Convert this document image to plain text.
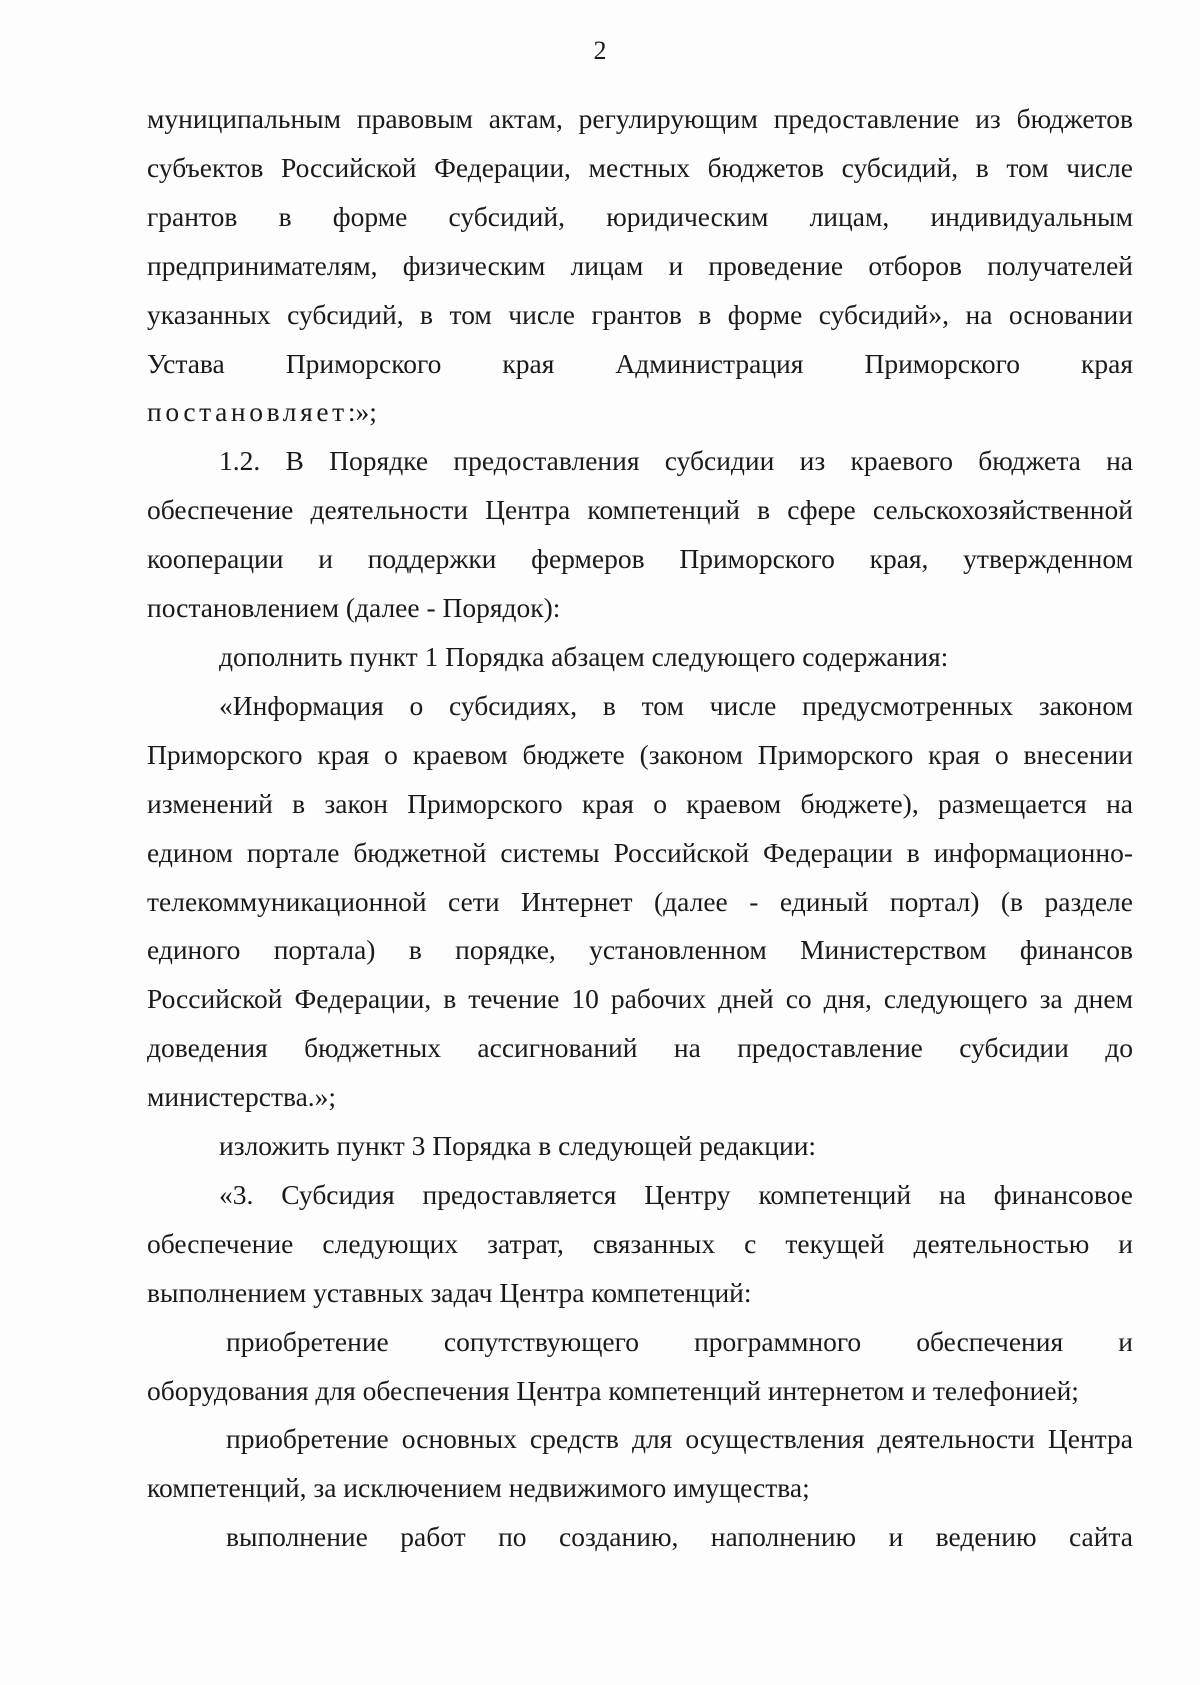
2
муниципальным правовым актам, регулирующим предоставление из бюджетов
субъектов Российской Федерации, местных бюджетов субсидий, в том числе
грантов в форме субсидий, юридическим лицам, индивидуальным
предпринимателям, физическим лицам и проведение отборов получателей
указанных субсидий, в том числе грантов в форме субсидий», на основании
Устава Приморского края Администрация Приморского края
постановляет:»;
1.2. В Порядке предоставления субсидии из краевого бюджета на
обеспечение деятельности Центра компетенций в сфере сельскохозяйственной
кооперации и поддержки фермеров Приморского края, утвержденном
постановлением (далее - Порядок):
дополнить пункт 1 Порядка абзацем следующего содержания:
«Информация о субсидиях, в том числе предусмотренных законом
Приморского края о краевом бюджете (законом Приморского края о внесении
изменений в закон Приморского края о краевом бюджете), размещается на
едином портале бюджетной системы Российской Федерации в информационно-
телекоммуникационной сети Интернет (далее - единый портал) (в разделе
единого портала) в порядке, установленном Министерством финансов
Российской Федерации, в течение 10 рабочих дней со дня, следующего за днем
доведения бюджетных ассигнований на предоставление субсидии до
министерства.»;
изложить пункт 3 Порядка в следующей редакции:
«3. Субсидия предоставляется Центру компетенций на финансовое
обеспечение следующих затрат, связанных с текущей деятельностью и
выполнением уставных задач Центра компетенций:
приобретение сопутствующего программного обеспечения и
оборудования для обеспечения Центра компетенций интернетом и телефонией;
приобретение основных средств для осуществления деятельности Центра
компетенций, за исключением недвижимого имущества;
выполнение работ по созданию, наполнению и ведению сайта
